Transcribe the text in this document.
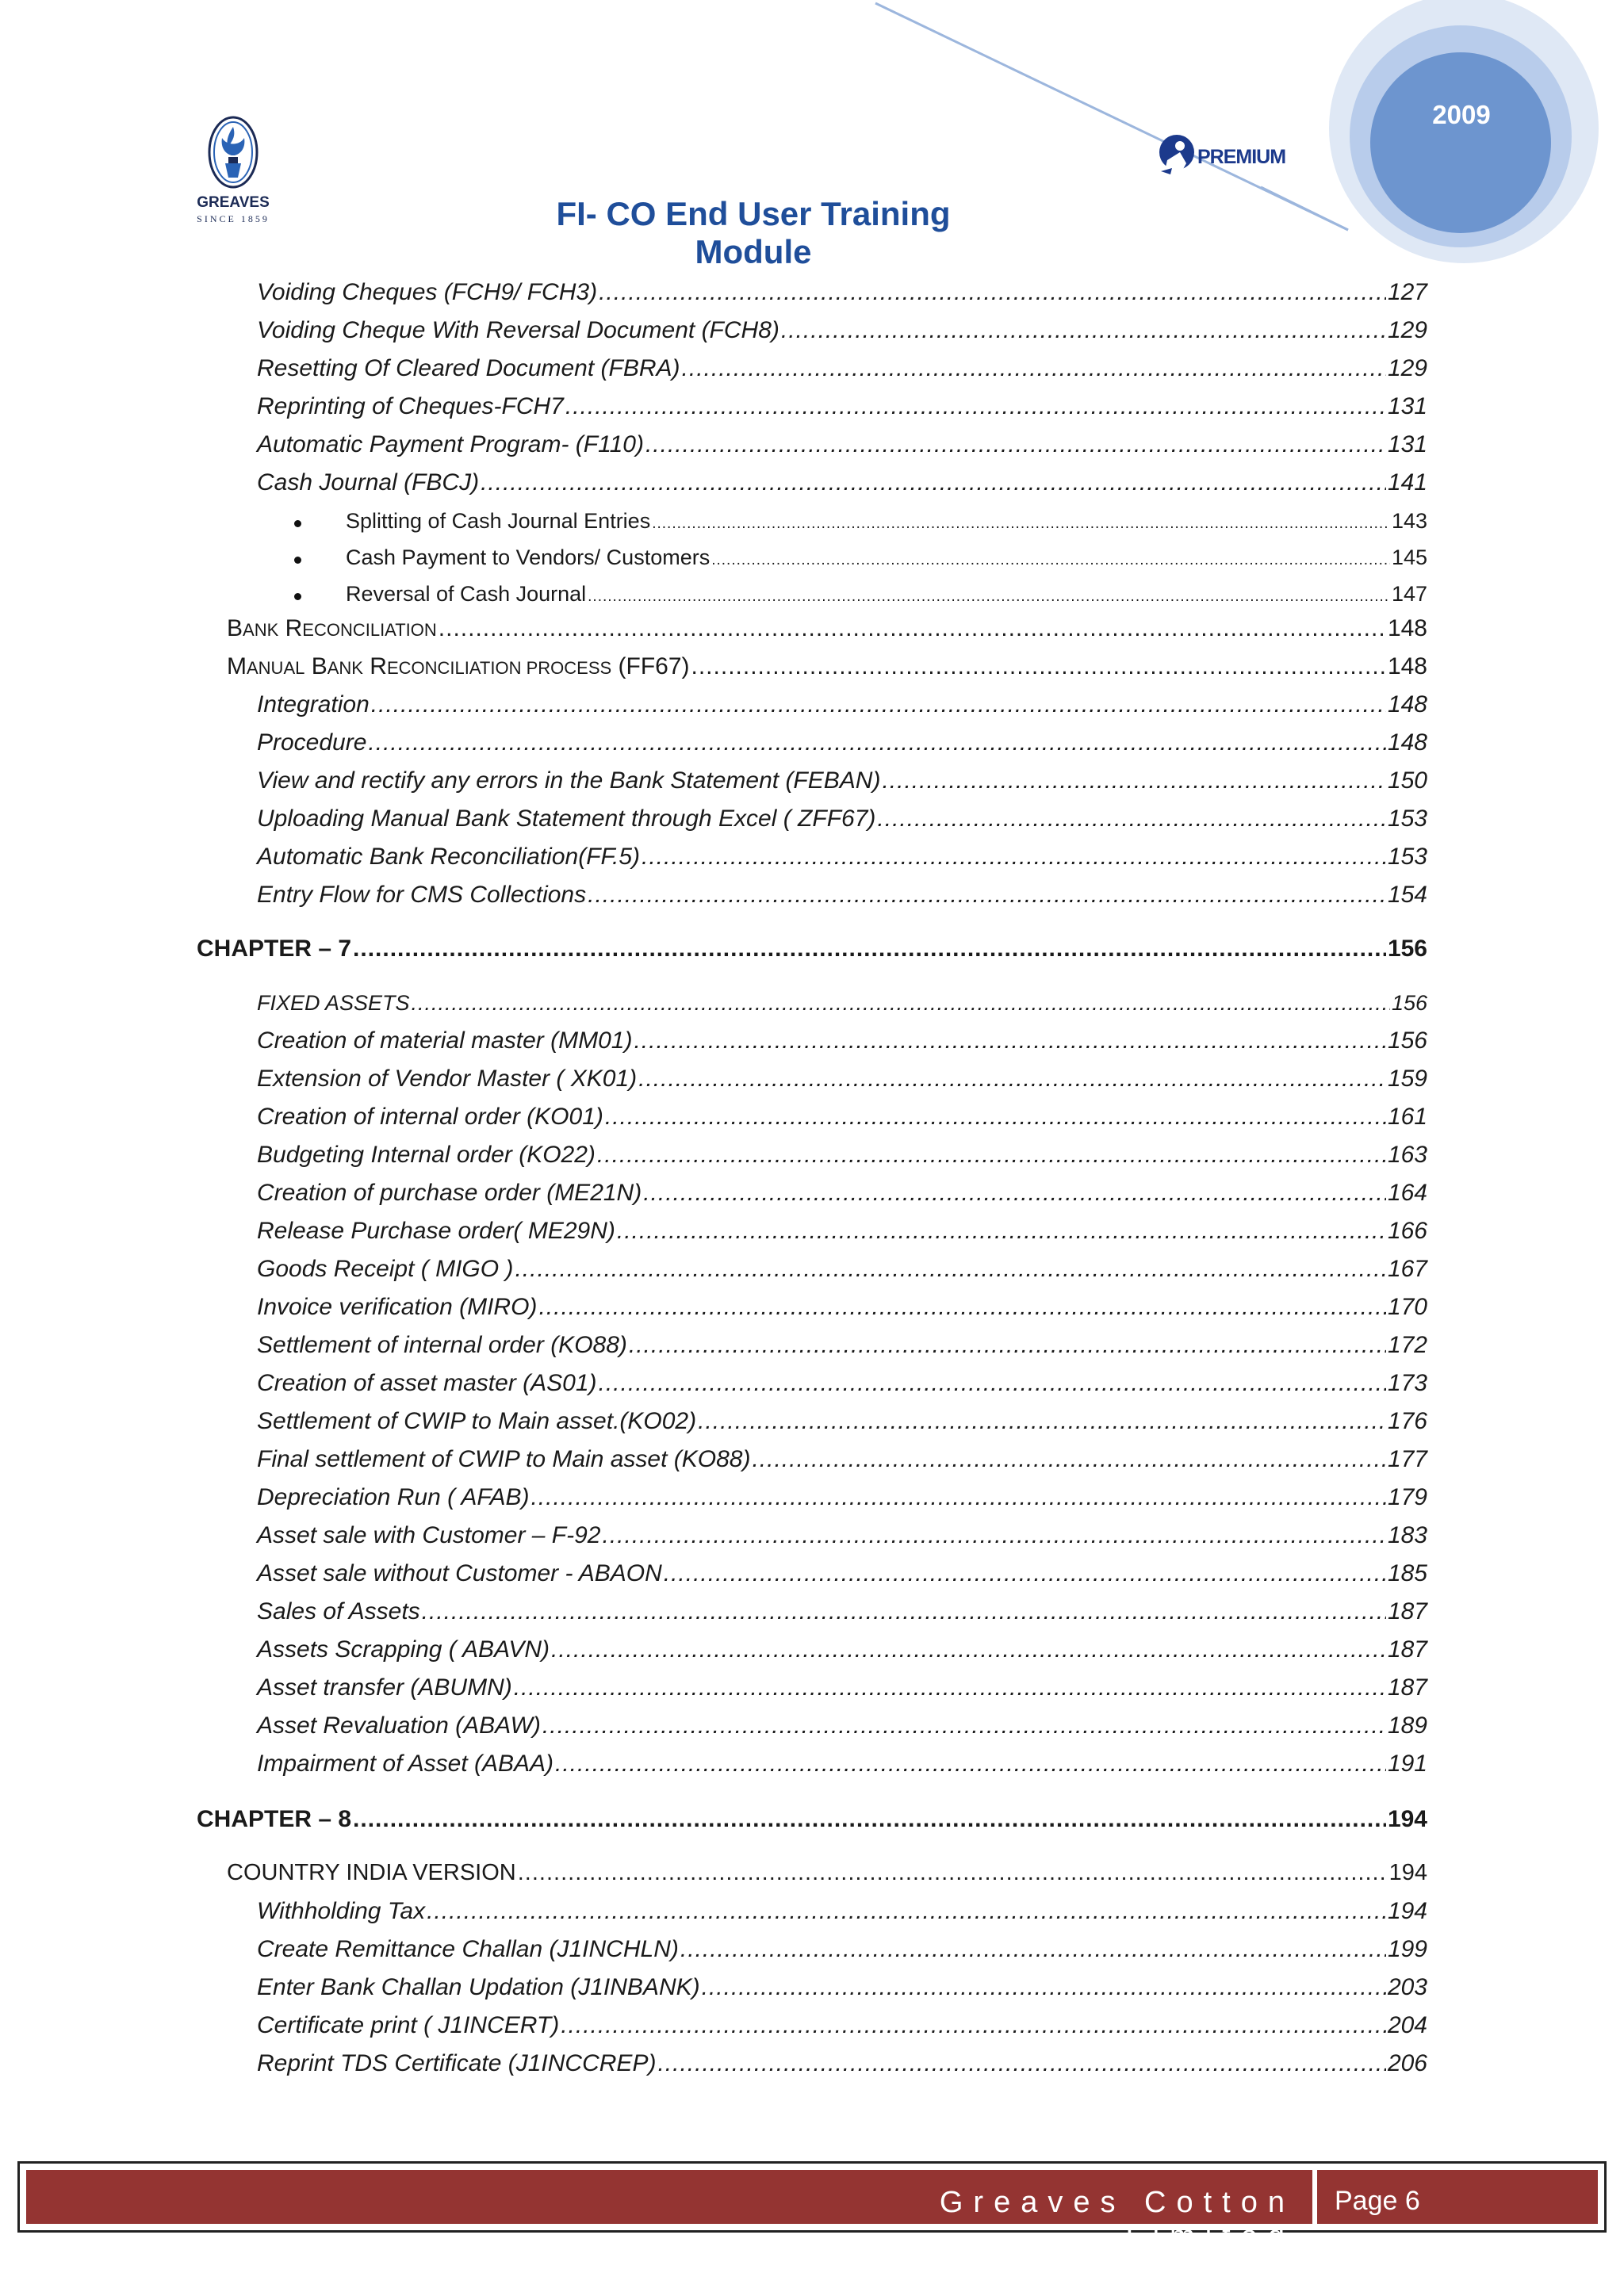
2009
GREAVES
SINCE 1859
PREMIUM
FI- CO End User Training Module
Voiding Cheques (FCH9/ FCH3) .....	127
Voiding Cheque With Reversal Document (FCH8) .....	129
Resetting Of Cleared Document (FBRA) .....	129
Reprinting of Cheques-FCH7 .....	131
Automatic Payment Program- (F110) .....	131
Cash Journal (FBCJ) .....	141
Splitting of Cash Journal Entries .....	143
Cash Payment to Vendors/ Customers .....	145
Reversal of Cash Journal .....	147
BANK RECONCILIATION .....	148
MANUAL BANK RECONCILIATION PROCESS (FF67) .....	148
Integration .....	148
Procedure .....	148
View and rectify any errors in the Bank Statement (FEBAN) .....	150
Uploading Manual Bank Statement through Excel ( ZFF67) .....	153
Automatic Bank Reconciliation(FF.5) .....	153
Entry Flow for CMS Collections .....	154
CHAPTER – 7 .....	156
FIXED ASSETS .....	156
Creation of material master (MM01) .....	156
Extension of Vendor Master ( XK01) .....	159
Creation of internal order (KO01) .....	161
Budgeting Internal order (KO22) .....	163
Creation of purchase order (ME21N) .....	164
Release Purchase order( ME29N) .....	166
Goods Receipt ( MIGO ) .....	167
Invoice verification (MIRO) .....	170
Settlement of internal order (KO88) .....	172
Creation of asset master (AS01) .....	173
Settlement of CWIP to Main asset.(KO02) .....	176
Final settlement of CWIP to Main asset (KO88) .....	177
Depreciation Run ( AFAB) .....	179
Asset sale with Customer – F-92 .....	183
Asset sale without Customer - ABAON .....	185
Sales of Assets .....	187
Assets Scrapping ( ABAVN) .....	187
Asset transfer (ABUMN) .....	187
Asset Revaluation (ABAW) .....	189
Impairment of Asset (ABAA) .....	191
CHAPTER – 8 .....	194
COUNTRY INDIA VERSION .....	194
Withholding Tax .....	194
Create Remittance Challan (J1INCHLN) .....	199
Enter Bank Challan Updation (J1INBANK) .....	203
Certificate print ( J1INCERT) .....	204
Reprint TDS Certificate (J1INCCREP) .....	206
Greaves Cotton Limited
Page 6
